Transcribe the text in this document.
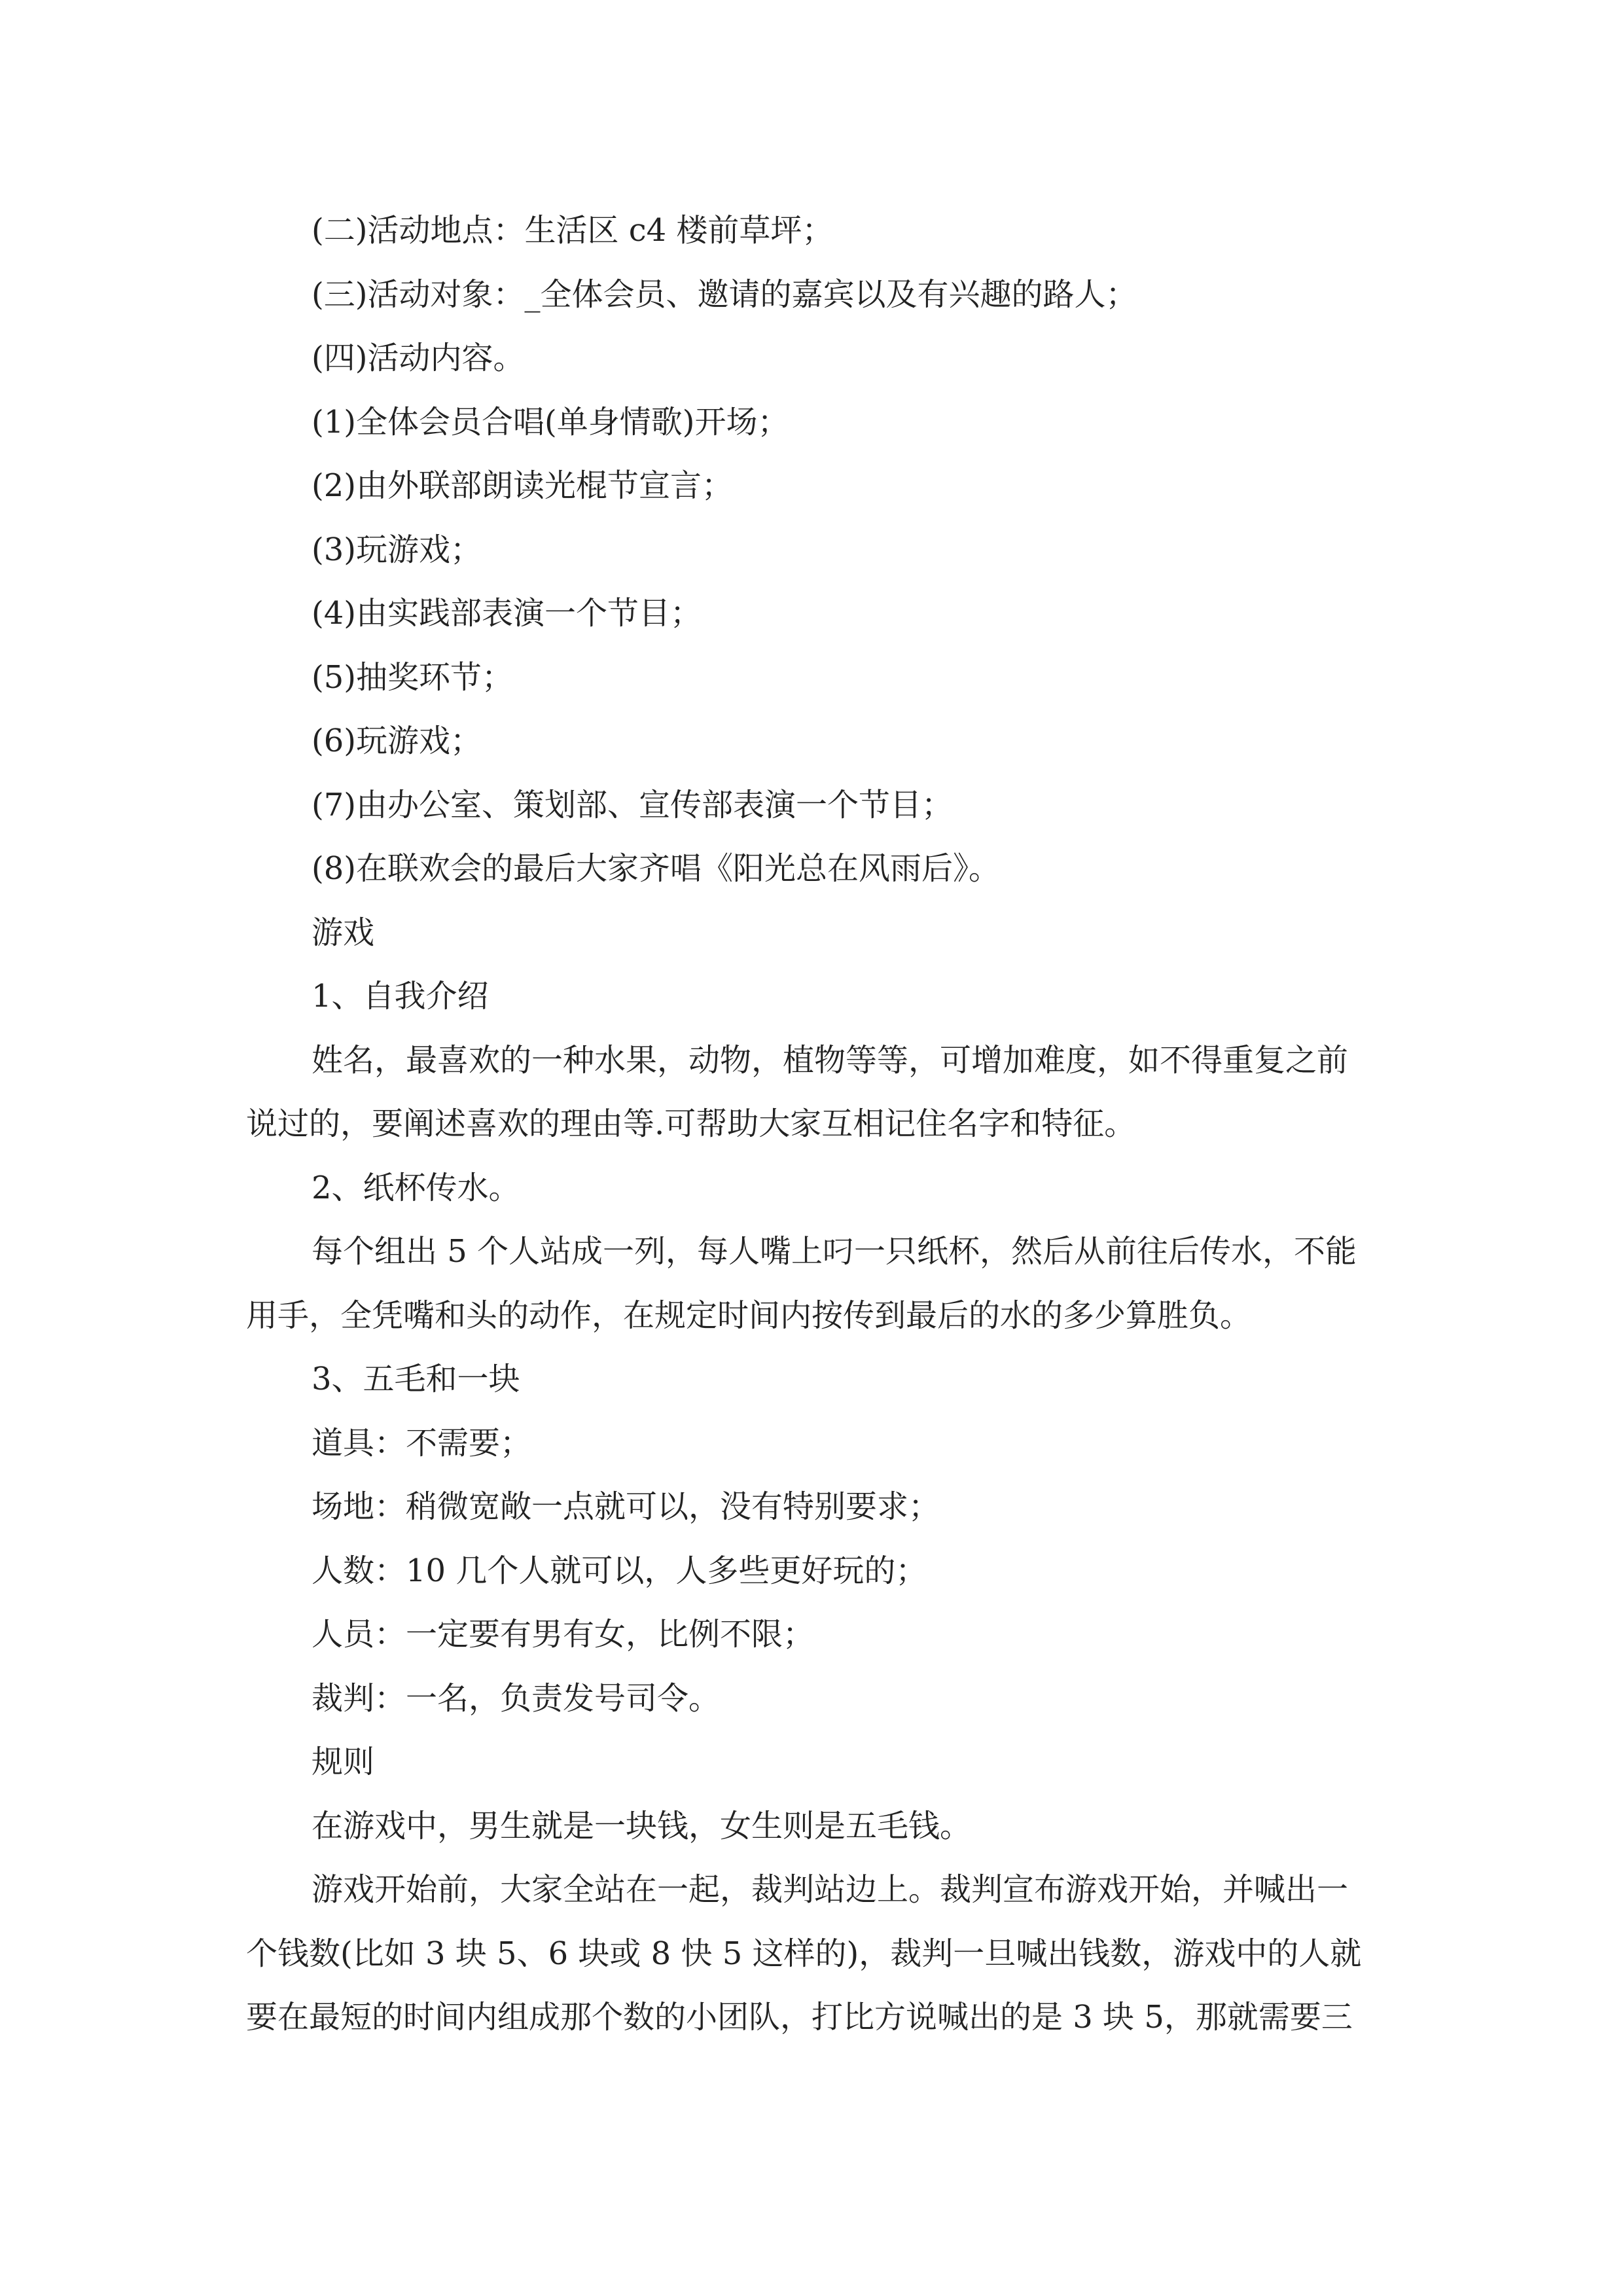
(二)活动地点：生活区 c4 楼前草坪；

(三)活动对象：_全体会员、邀请的嘉宾以及有兴趣的路人；

(四)活动内容。

(1)全体会员合唱(单身情歌)开场；

(2)由外联部朗读光棍节宣言；

(3)玩游戏；

(4)由实践部表演一个节目；

(5)抽奖环节；

(6)玩游戏；

(7)由办公室、策划部、宣传部表演一个节目；

(8)在联欢会的最后大家齐唱《阳光总在风雨后》。

游戏

1、自我介绍

姓名，最喜欢的一种水果，动物，植物等等，可增加难度，如不得重复之前

说过的，要阐述喜欢的理由等.可帮助大家互相记住名字和特征。

2、纸杯传水。

每个组出 5 个人站成一列，每人嘴上叼一只纸杯，然后从前往后传水，不能

用手，全凭嘴和头的动作，在规定时间内按传到最后的水的多少算胜负。

3、五毛和一块

道具：不需要；

场地：稍微宽敞一点就可以，没有特别要求；

人数：10 几个人就可以，人多些更好玩的；

人员：一定要有男有女，比例不限；

裁判：一名，负责发号司令。

规则

在游戏中，男生就是一块钱，女生则是五毛钱。

游戏开始前，大家全站在一起，裁判站边上。裁判宣布游戏开始，并喊出一

个钱数(比如 3 块 5、6 块或 8 快 5 这样的)，裁判一旦喊出钱数，游戏中的人就

要在最短的时间内组成那个数的小团队，打比方说喊出的是 3 块 5，那就需要三
